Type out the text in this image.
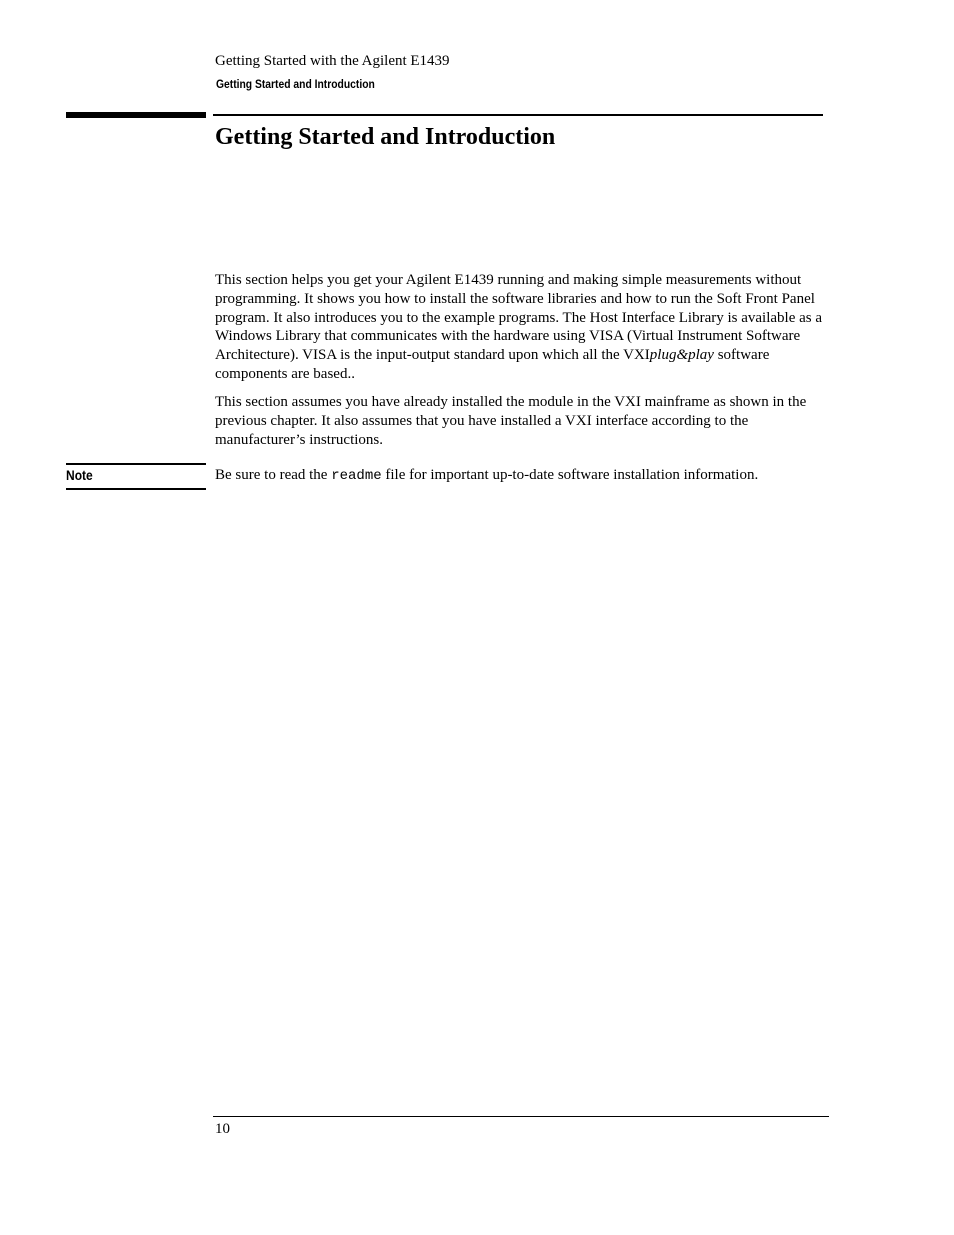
Getting Started with the Agilent E1439
Getting Started and Introduction
Getting Started and Introduction

This section helps you get your Agilent E1439 running and making simple measurements without programming. It shows you how to install the software libraries and how to run the Soft Front Panel program. It also introduces you to the example programs. The Host Interface Library is available as a Windows Library that communicates with the hardware using VISA (Virtual Instrument Software Architecture). VISA is the input-output standard upon which all the VXIplug&play software components are based..

This section assumes you have already installed the module in the VXI mainframe as shown in the previous chapter. It also assumes that you have installed a VXI interface according to the manufacturer’s instructions.

Note	Be sure to read the readme file for important up-to-date software installation information.
10
